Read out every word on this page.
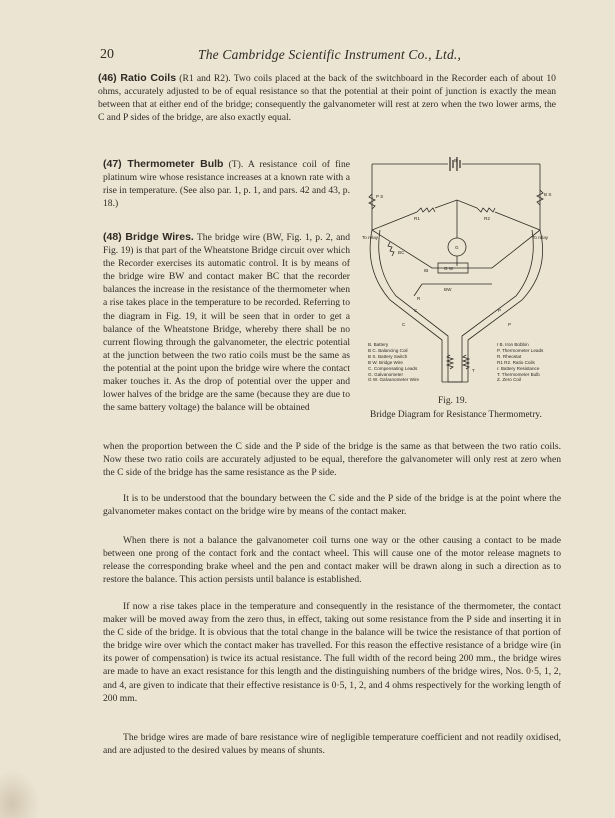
20	The Cambridge Scientific Instrument Co., Ltd.,
(46) Ratio Coils (R1 and R2). Two coils placed at the back of the switchboard in the Recorder each of about 10 ohms, accurately adjusted to be of equal resistance so that the potential at their point of junction is exactly the mean between that at either end of the bridge; consequently the galvanometer will rest at zero when the two lower arms, the C and P sides of the bridge, are also exactly equal.
(47) Thermometer Bulb (T). A resistance coil of fine platinum wire whose resistance increases at a known rate with a rise in temperature. (See also par. 1, p. 1, and pars. 42 and 43, p. 18.)
(48) Bridge Wires. The bridge wire (BW, Fig. 1, p. 2, and Fig. 19) is that part of the Wheatstone Bridge circuit over which the Recorder exercises its automatic control. It is by means of the bridge wire BW and contact maker BC that the recorder balances the increase in the resistance of the thermometer when a rise takes place in the temperature to be recorded. Referring to the diagram in Fig. 19, it will be seen that in order to get a balance of the Wheatstone Bridge, whereby there shall be no current flowing through the galvanometer, the electric potential at the junction between the two ratio coils must be the same as the potential at the point upon the bridge wire where the contact maker touches it. As the drop of potential over the upper and lower halves of the bridge are the same (because they are due to the same battery voltage) the balance will be obtained
when the proportion between the C side and the P side of the bridge is the same as that between the two ratio coils. Now these two ratio coils are accurately adjusted to be equal, therefore the galvanometer will only rest at zero when the C side of the bridge has the same resistance as the P side.
It is to be understood that the boundary between the C side and the P side of the bridge is at the point where the galvanometer makes contact on the bridge wire by means of the contact maker.
When there is not a balance the galvanometer coil turns one way or the other causing a contact to be made between one prong of the contact fork and the contact wheel. This will cause one of the motor release magnets to release the corresponding brake wheel and the pen and contact maker will be drawn along in such a direction as to restore the balance. This action persists until balance is established.
If now a rise takes place in the temperature and consequently in the resistance of the thermometer, the contact maker will be moved away from the zero thus, in effect, taking out some resistance from the P side and inserting it in the C side of the bridge. It is obvious that the total change in the balance will be twice the resistance of that portion of the bridge wire over which the contact maker has travelled. For this reason the effective resistance of a bridge wire (in its power of compensation) is twice its actual resistance. The full width of the record being 200 mm., the bridge wires are made to have an exact resistance for this length and the distinguishing numbers of the bridge wires, Nos. 0·5, 1, 2, and 4, are given to indicate that their effective resistance is 0·5, 1, 2, and 4 ohms respectively for the working length of 200 mm.
The bridge wires are made of bare resistance wire of negligible temperature coefficient and not readily oxidised, and are adjusted to the desired values by means of shunts.
To relay	To relay
P S	B S
R1	R2
G
BC
G W
BW
IB
R
C
C
P
P
B
T
B. Battery
B C. Balancing Coil
B S. Battery Switch
B W. Bridge Wire
C. Compensating Leads
G. Galvanometer
G W. Galvanometer Wire
I B. Iron Bobbin
P. Thermometer Leads
R. Rheostat
R1 R2. Ratio Coils
r. Battery Resistance
T. Thermometer Bulb
Z. Zero Coil
Fig. 19.
Bridge Diagram for Resistance Thermometry.
